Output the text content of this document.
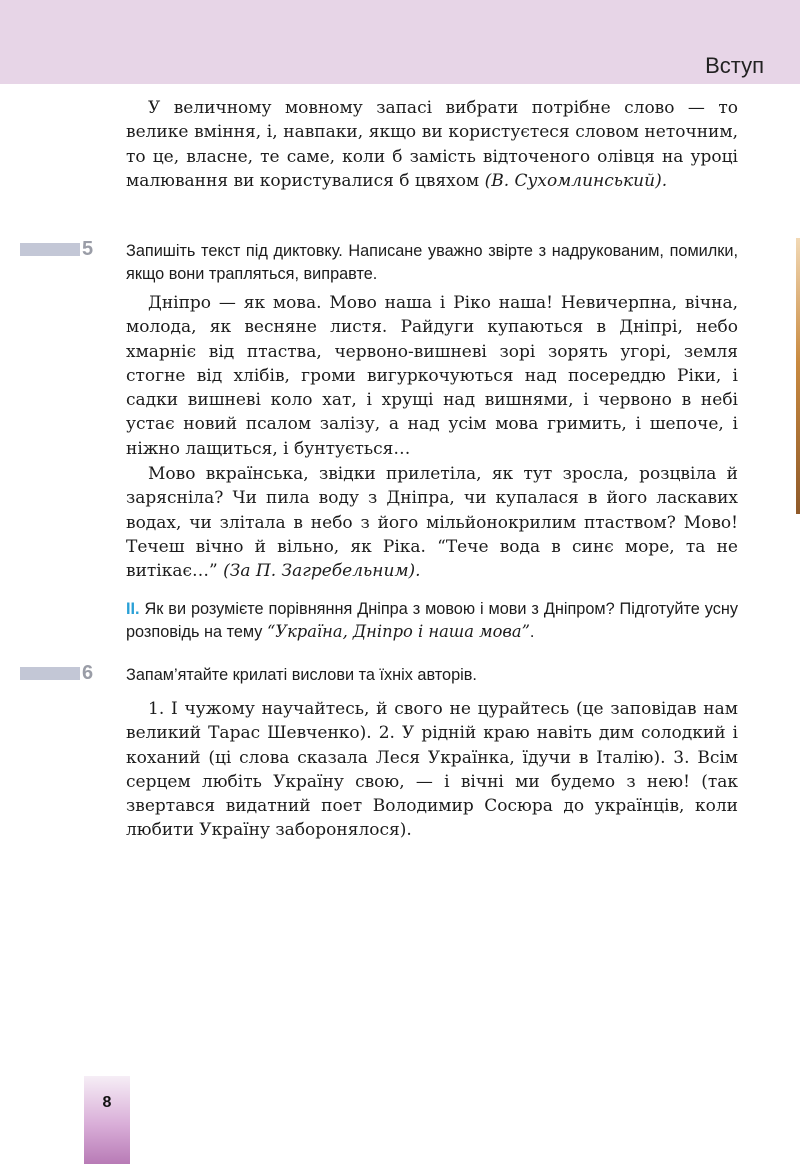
Вступ

У величному мовному запасі вибрати потрібне слово — то велике вміння, і, навпаки, якщо ви користуєтеся словом неточним, то це, власне, те саме, коли б замість відточеного олівця на уроці малювання ви користувалися б цвяхом (В. Сухомлинський).

5 Запишіть текст під диктовку. Написане уважно звірте з надрукованим, помилки, якщо вони трапляться, виправте.

Дніпро — як мова. Мово наша і Ріко наша! Невичерпна, вічна, молода, як весняне листя. Райдуги купаються в Дніпрі, небо хмарніє від птаства, червоно-вишневі зорі зорять угорі, земля стогне від хлібів, громи вигуркочуються над посереддю Ріки, і садки вишневі коло хат, і хрущі над вишнями, і червоно в небі устає новий псалом залізу, а над усім мова гримить, і шепоче, і ніжно лащиться, і бунтується…

Мово вкраїнська, звідки прилетіла, як тут зросла, розцвіла й зарясніла? Чи пила воду з Дніпра, чи купалася в його ласкавих водах, чи злітала в небо з його мільйонокрилим птаством? Мово! Течеш вічно й вільно, як Ріка. “Тече вода в синє море, та не витікає…” (За П. Загребельним).

II. Як ви розумієте порівняння Дніпра з мовою і мови з Дніпром? Підготуйте усну розповідь на тему “Україна, Дніпро і наша мова”.

6 Запам’ятайте крилаті вислови та їхніх авторів.

1. І чужому научайтесь, й свого не цурайтесь (це заповідав нам великий Тарас Шевченко). 2. У рідній краю навіть дим солодкий і коханий (ці слова сказала Леся Українка, їдучи в Італію). 3. Всім серцем любіть Україну свою, — і вічні ми будемо з нею! (так звертався видатний поет Володимир Сосюра до українців, коли любити Україну заборонялося).

8
